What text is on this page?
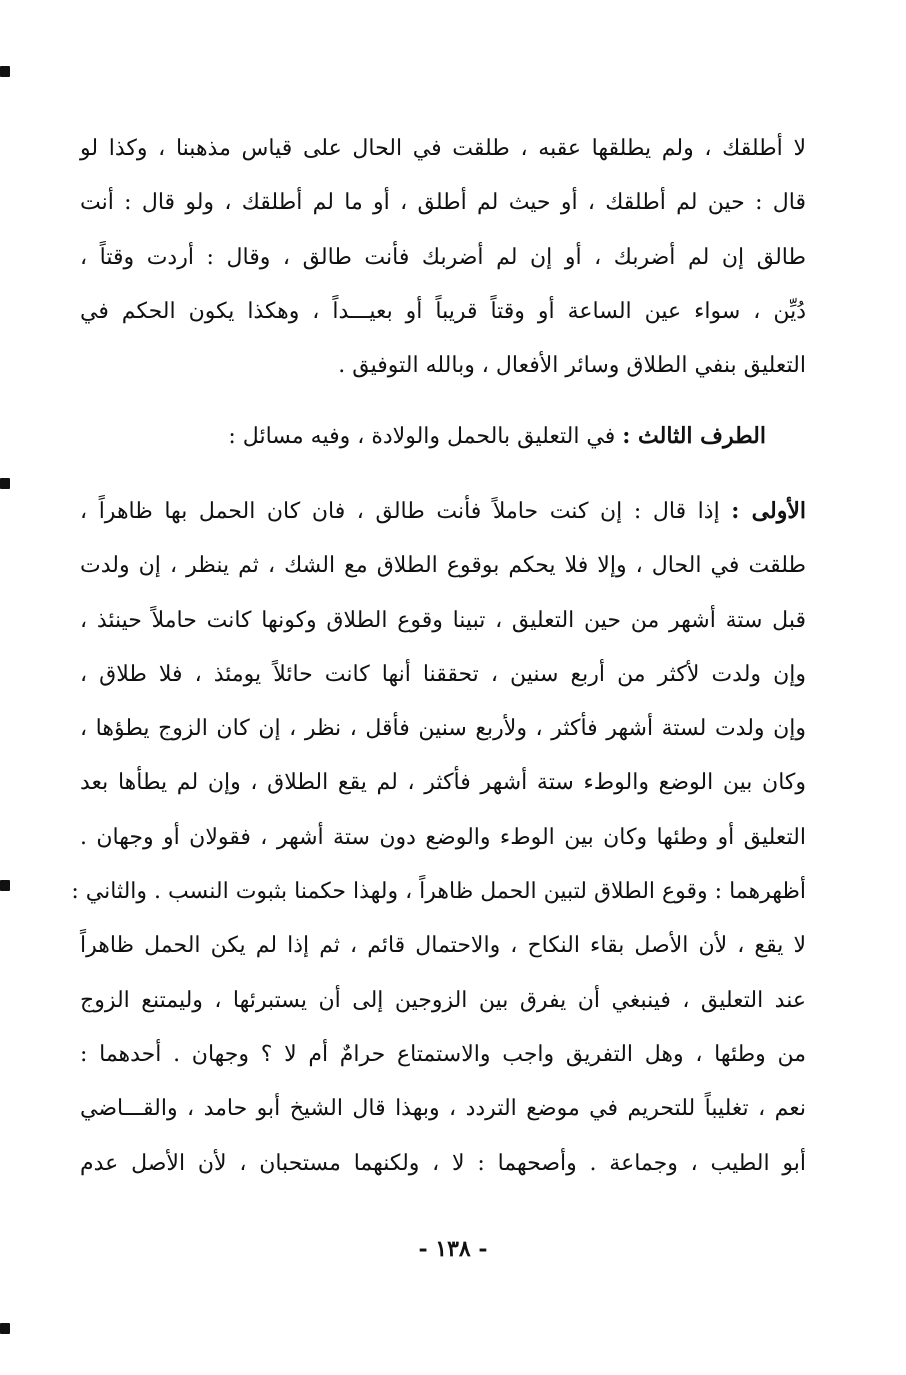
لا أطلقك ، ولم يطلقها عقبه ، طلقت في الحال على قياس مذهبنا ، وكذا لو
قال : حين لم أطلقك ، أو حيث لم أطلق ، أو ما لم أطلقك ، ولو قال : أنت
طالق إن لم أضربك ، أو إن لم أضربك فأنت طالق ، وقال : أردت وقتاً ،
دُيِّن ، سواء عين الساعة أو وقتاً قريباً أو بعيـــداً ، وهكذا يكون الحكم في
التعليق بنفي الطلاق وسائر الأفعال ، وبالله التوفيق .
الطرف الثالث : في التعليق بالحمل والولادة ، وفيه مسائل :
الأولى : إذا قال : إن كنت حاملاً فأنت طالق ، فان كان الحمل بها ظاهراً ،
طلقت في الحال ، وإلا فلا يحكم بوقوع الطلاق مع الشك ، ثم ينظر ، إن ولدت
قبل ستة أشهر من حين التعليق ، تبينا وقوع الطلاق وكونها كانت حاملاً حينئذ ،
وإن ولدت لأكثر من أربع سنين ، تحققنا أنها كانت حائلاً يومئذ ، فلا طلاق ،
وإن ولدت لستة أشهر فأكثر ، ولأربع سنين فأقل ، نظر ، إن كان الزوج يطؤها ،
وكان بين الوضع والوطء ستة أشهر فأكثر ، لم يقع الطلاق ، وإن لم يطأها بعد
التعليق أو وطئها وكان بين الوطء والوضع دون ستة أشهر ، فقولان أو وجهان .
أظهرهما : وقوع الطلاق لتبين الحمل ظاهراً ، ولهذا حكمنا بثبوت النسب . والثاني :
لا يقع ، لأن الأصل بقاء النكاح ، والاحتمال قائم ، ثم إذا لم يكن الحمل ظاهراً
عند التعليق ، فينبغي أن يفرق بين الزوجين إلى أن يستبرئها ، وليمتنع الزوج
من وطئها ، وهل التفريق واجب والاستمتاع حرامٌ أم لا ؟ وجهان . أحدهما :
نعم ، تغليباً للتحريم في موضع التردد ، وبهذا قال الشيخ أبو حامد ، والقـــاضي
أبو الطيب ، وجماعة . وأصحهما : لا ، ولكنهما مستحبان ، لأن الأصل عدم
- ١٣٨ -
